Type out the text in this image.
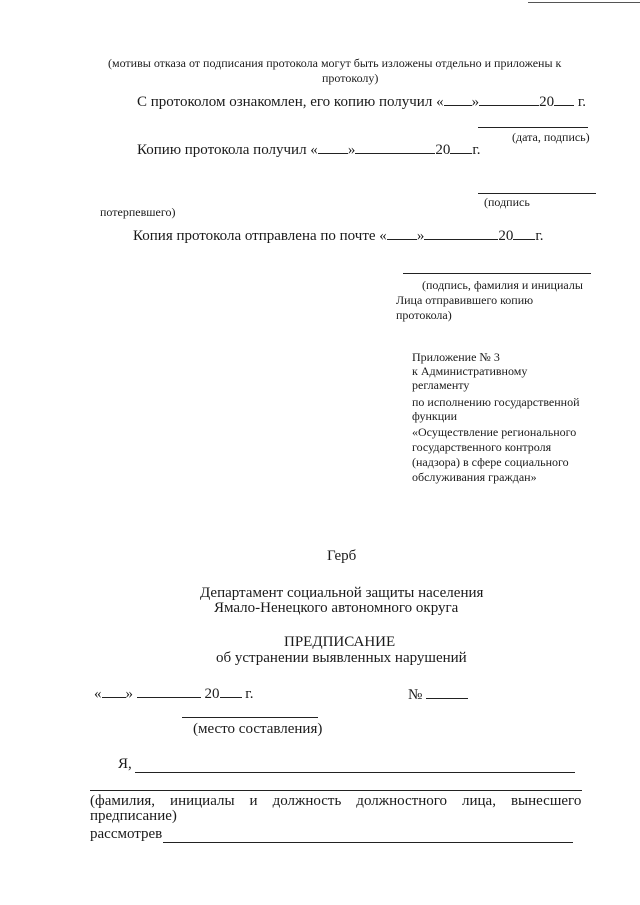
(мотивы отказа от подписания протокола могут быть изложены отдельно и приложены к
протоколу)
С протоколом ознакомлен, его копию получил « »	20 г.
(дата, подпись)
Копию протокола получил « »	20 г.
(подпись
потерпевшего)
Копия протокола отправлена по почте « »	20 г.
(подпись, фамилия и инициалы
Лица отправившего копию
протокола)
Приложение № 3
к Административному
регламенту
по исполнению государственной
функции
«Осуществление регионального
государственного контроля
(надзора) в сфере социального
обслуживания граждан»
Герб
Департамент социальной защиты населения
Ямало-Ненецкого автономного округа
ПРЕДПИСАНИЕ
об устранении выявленных нарушений
« »	20 г.	№
(место составления)
Я,
(фамилия,    инициалы    и    должность    должностного    лица,    вынесшего
предписание)
рассмотрев
